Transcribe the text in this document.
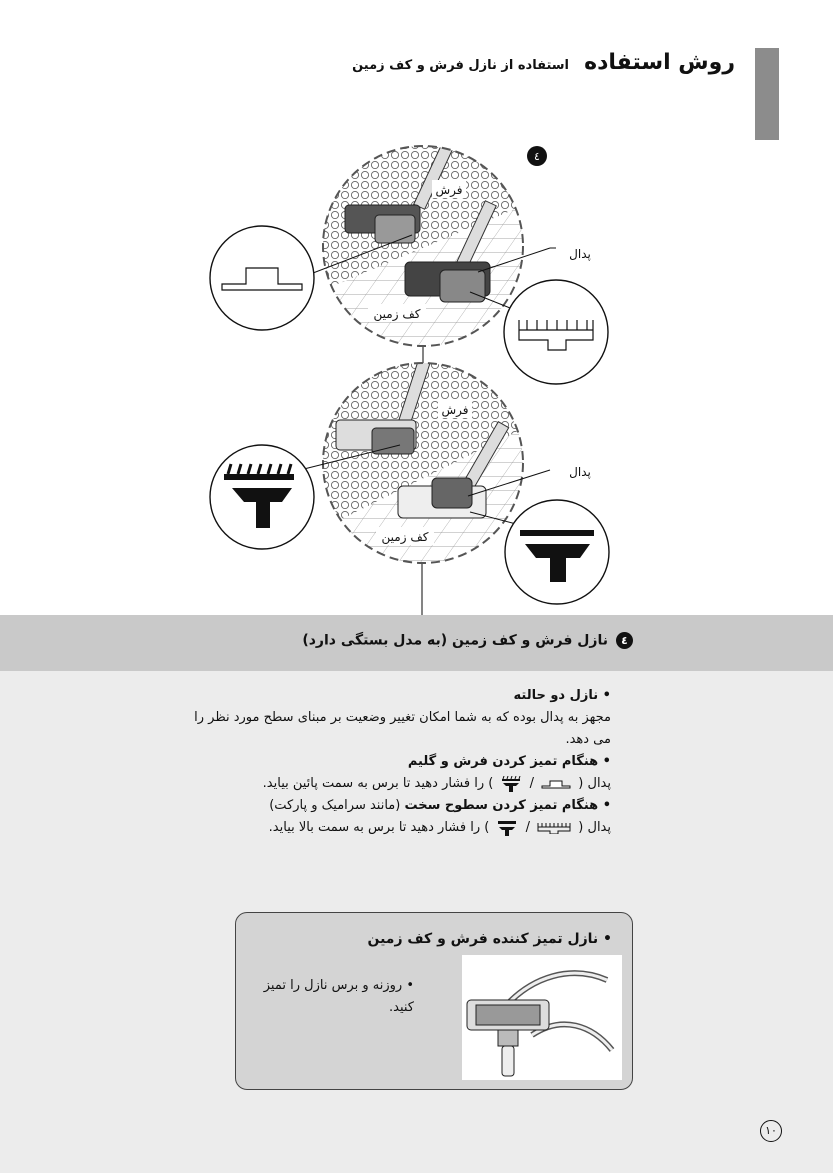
روش استفاده استفاده از نازل فرش و کف زمین
فرش
کف زمین
پدال
٤
فرش
کف زمین
پدال
٤نازل فرش و کف زمین (به مدل بستگی دارد)
• نازل دو حالته
مجهز به پدال بوده که به شما امکان تغییر وضعیت بر مبنای سطح مورد نظر را می دهد.
• هنگام تمیز کردن فرش و گلیم
پدال (  /  ) را فشار دهید تا برس به سمت پائین بیاید.
• هنگام تمیز کردن سطوح سخت (مانند سرامیک و پارکت)
پدال (  /  ) را فشار دهید تا برس به سمت بالا بیاید.
• نازل تمیز کننده فرش و کف زمین
• روزنه و برس نازل را تمیز کنید.
١٠
